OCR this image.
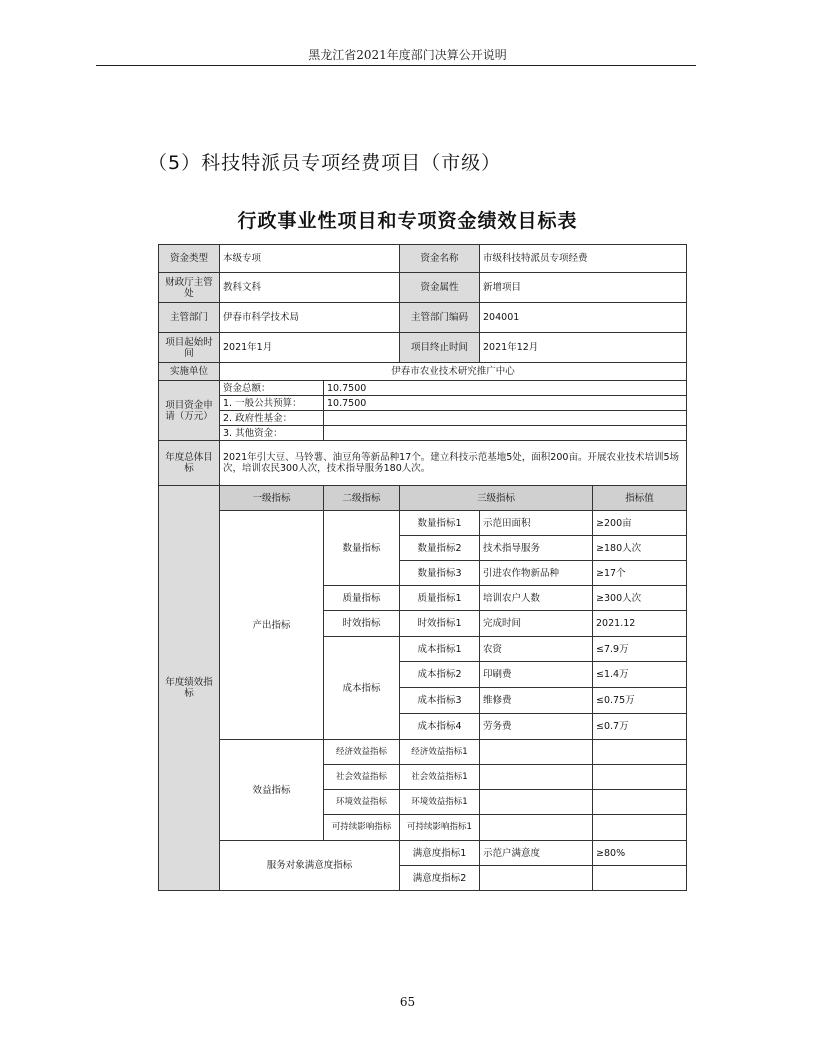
黑龙江省2021年度部门决算公开说明
（5）科技特派员专项经费项目（市级）
行政事业性项目和专项资金绩效目标表
资金类型	本级专项		资金名称	市级科技特派员专项经费	
财政厅主管处	教科文科		资金属性	新增项目	
主管部门	伊春市科学技术局		主管部门编码	204001	
项目起始时间	2021年1月		项目终止时间	2021年12月	
实施单位	伊春市农业技术研究推广中心				
项目资金申请（万元）	资金总额：	10.7500			
	1. 一般公共预算：	10.7500			
	2. 政府性基金：				
	3. 其他资金：				
年度总体目标	2021年引大豆、马铃薯、油豆角等新品种17个。建立科技示范基地5处，面积200亩。开展农业技术培训5场次，培训农民300人次，技术指导服务180人次。				
年度绩效指标	一级指标	二级指标	三级指标		指标值
	产出指标	数量指标	数量指标1	示范田面积	≥200亩
			数量指标2	技术指导服务	≥180人次
			数量指标3	引进农作物新品种	≥17个
		质量指标	质量指标1	培训农户人数	≥300人次
		时效指标	时效指标1	完成时间	2021.12
		成本指标	成本指标1	农资	≤7.9万
			成本指标2	印刷费	≤1.4万
			成本指标3	维修费	≤0.75万
			成本指标4	劳务费	≤0.7万
	效益指标	经济效益指标	经济效益指标1		
		社会效益指标	社会效益指标1		
		环境效益指标	环境效益指标1		
		可持续影响指标	可持续影响指标1		
	服务对象满意度指标		满意度指标1	示范户满意度	≥80%
			满意度指标2		
65
